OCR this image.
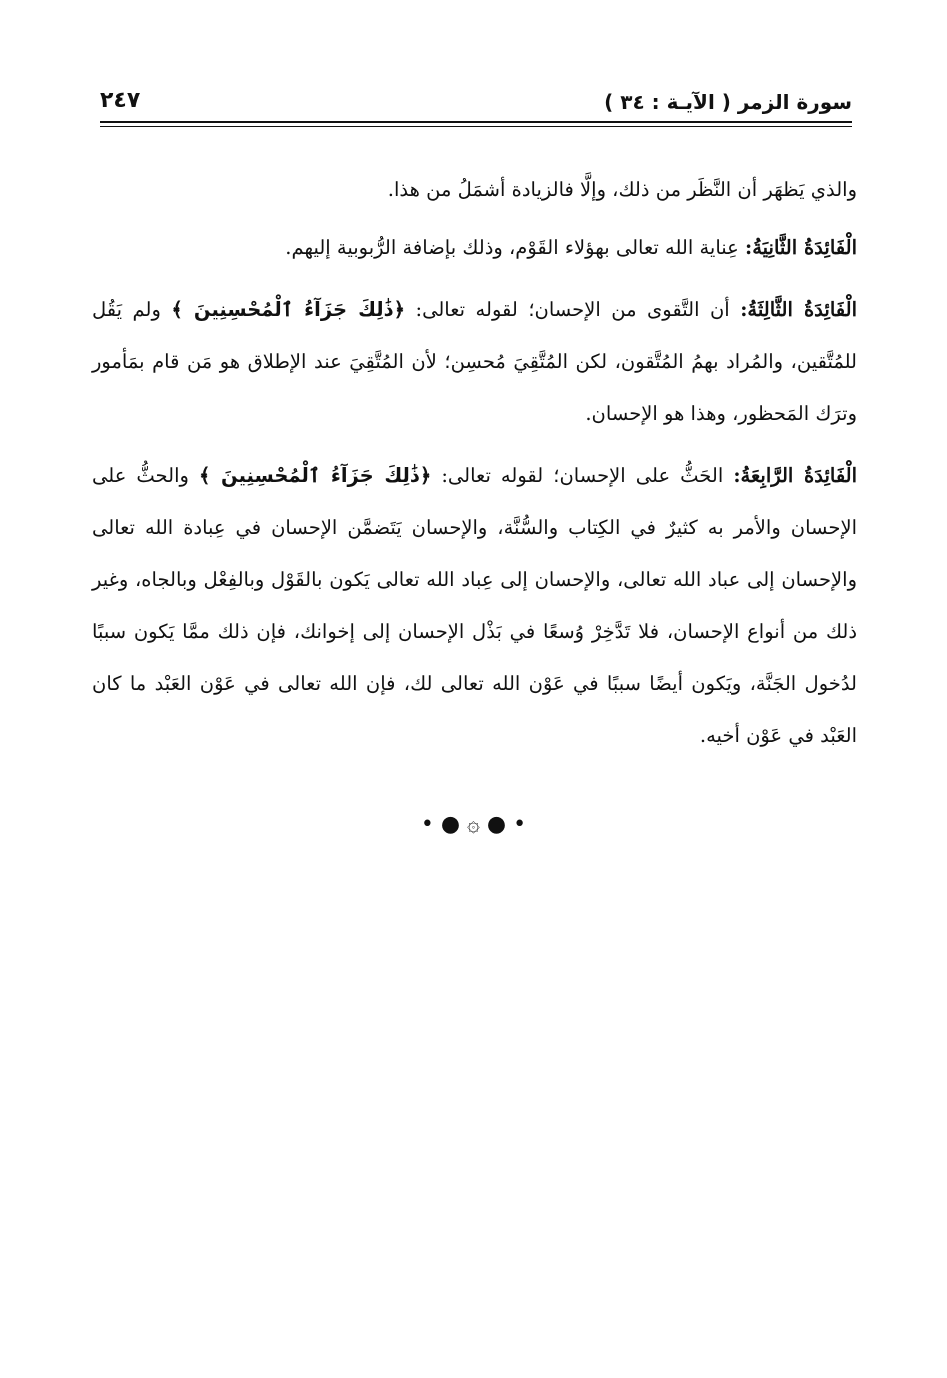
سورة الزمر ( الآيـة : ٣٤ )
٢٤٧

والذي يَظهَر أن النَّظَر من ذلك، وإلَّا فالزيادة أشمَلُ من هذا.

الْفَائِدَةُ الثَّانِيَةُ: عِناية الله تعالى بهؤلاء القَوْم، وذلك بإضافة الرُّبوبية إليهم.

الْفَائِدَةُ الثَّالِثَةُ: أن التَّقوى من الإحسان؛ لقوله تعالى: ﴿ذَٰلِكَ جَزَآءُ ٱلْمُحْسِنِينَ ﴾ ولم يَقُل للمُتَّقين، والمُراد بهمُ المُتَّقون، لكن المُتَّقِيَ مُحسِن؛ لأن المُتَّقِيَ عند الإطلاق هو مَن قام بمَأمور وترَك المَحظور، وهذا هو الإحسان.

الْفَائِدَةُ الرَّابِعَةُ: الحَثُّ على الإحسان؛ لقوله تعالى: ﴿ذَٰلِكَ جَزَآءُ ٱلْمُحْسِنِينَ ﴾ والحثُّ على الإحسان والأمر به كثيرٌ في الكِتاب والسُّنَّة، والإحسان يَتَضمَّن الإحسان في عِبادة الله تعالى والإحسان إلى عباد الله تعالى، والإحسان إلى عِباد الله تعالى يَكون بالقَوْل وبالفِعْل وبالجاه، وغير ذلك من أنواع الإحسان، فلا تَدَّخِرْ وُسعًا في بَذْل الإحسان إلى إخوانك، فإن ذلك ممَّا يَكون سببًا لدُخول الجَنَّة، ويَكون أيضًا سببًا في عَوْن الله تعالى لك، فإن الله تعالى في عَوْن العَبْد ما كان العَبْد في عَوْن أخيه.

• ● ۞ ● •
